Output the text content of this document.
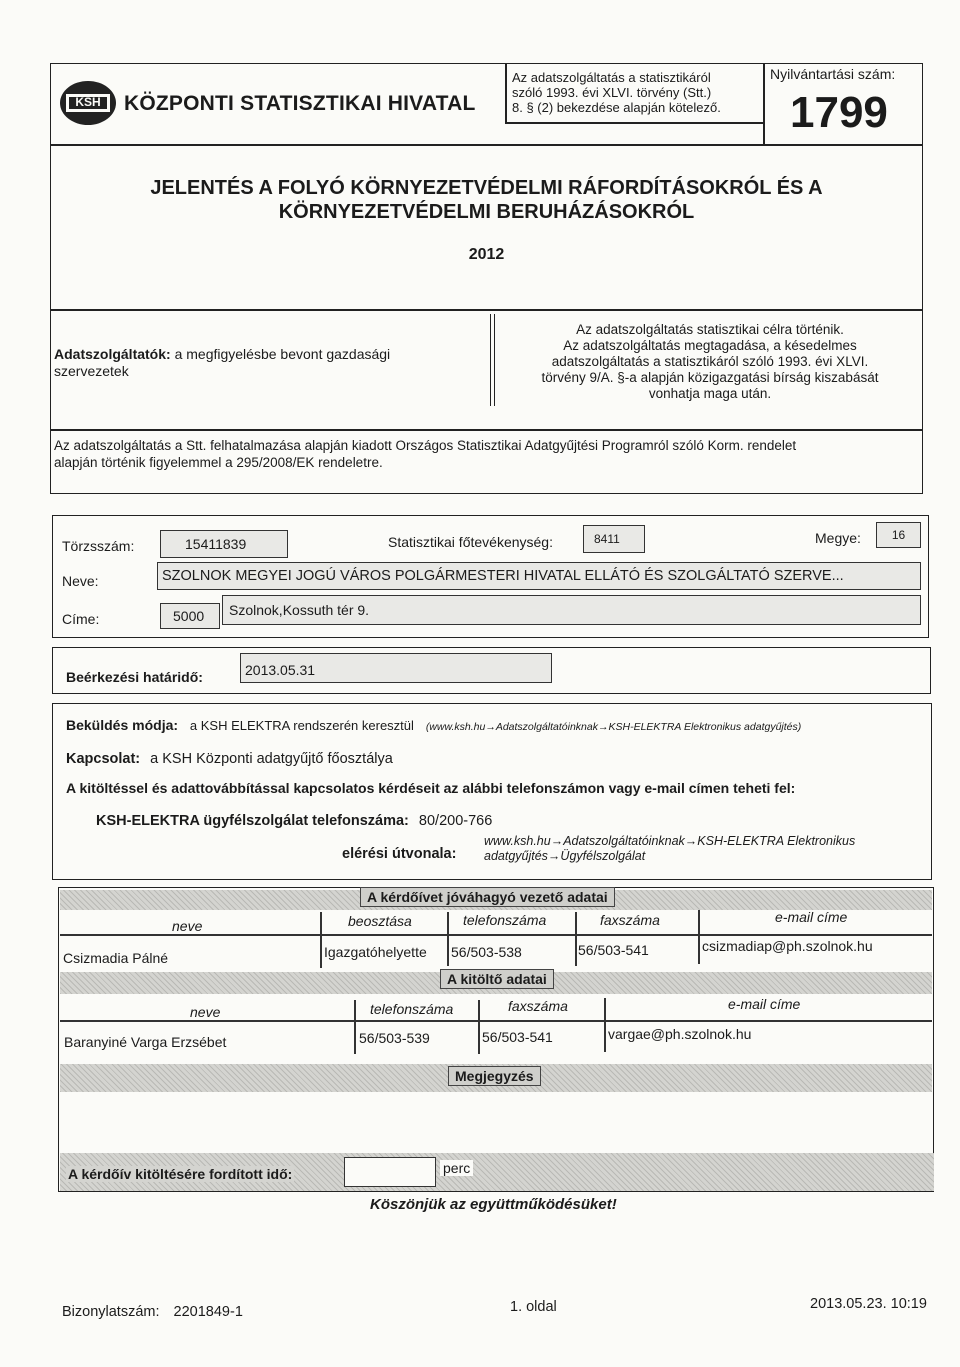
KSH KÖZPONTI STATISZTIKAI HIVATAL
Az adatszolgáltatás a statisztikáról
szóló 1993. évi XLVI. törvény (Stt.)
8. § (2) bekezdése alapján kötelező.
Nyilvántartási szám:
1799
JELENTÉS A FOLYÓ KÖRNYEZETVÉDELMI RÁFORDÍTÁSOKRÓL ÉS A
KÖRNYEZETVÉDELMI BERUHÁZÁSOKRÓL
2012
Adatszolgáltatók: a megfigyelésbe bevont gazdasági
szervezetek
Az adatszolgáltatás statisztikai célra történik.
Az adatszolgáltatás megtagadása, a késedelmes
adatszolgáltatás a statisztikáról szóló 1993. évi XLVI.
törvény 9/A. §-a alapján közigazgatási bírság kiszabását
vonhatja maga után.
Az adatszolgáltatás a Stt. felhatalmazása alapján kiadott Országos Statisztikai Adatgyűjtési Programról szóló Korm. rendelet
alapján történik figyelemmel a 295/2008/EK rendeletre.
Törzsszám:	15411839	Statisztikai főtevékenység:	8411	Megye:	16
Neve:	SZOLNOK MEGYEI JOGÚ VÁROS POLGÁRMESTERI HIVATAL ELLÁTÓ ÉS SZOLGÁLTATÓ SZERVE...
Címe:	5000	Szolnok,Kossuth tér 9.
Beérkezési határidő:	2013.05.31
Beküldés módja: a KSH ELEKTRA rendszerén keresztül (www.ksh.hu→Adatszolgáltatóinknak→KSH-ELEKTRA Elektronikus adatgyűjtés)
Kapcsolat: a KSH Központi adatgyűjtő főosztálya
A kitöltéssel és adattovábbítással kapcsolatos kérdéseit az alábbi telefonszámon vagy e-mail címen teheti fel:
KSH-ELEKTRA ügyfélszolgálat telefonszáma: 80/200-766
elérési útvonala:
www.ksh.hu→Adatszolgáltatóinknak→KSH-ELEKTRA Elektronikus
adatgyűjtés→Ügyfélszolgálat
A kérdőívet jóváhagyó vezető adatai
neve	beosztása	telefonszáma	faxszáma	e-mail címe
Csizmadia Pálné	Igazgatóhelyette 56/503-538	56/503-541	csizmadiap@ph.szolnok.hu
A kitöltő adatai
neve	telefonszáma	faxszáma	e-mail címe
Baranyiné Varga Erzsébet	56/503-539	56/503-541	vargae@ph.szolnok.hu
Megjegyzés
A kérdőív kitöltésére fordított idő:	perc
Köszönjük az együttműködésüket!
Bizonylatszám: 2201849-1	1. oldal	2013.05.23. 10:19
